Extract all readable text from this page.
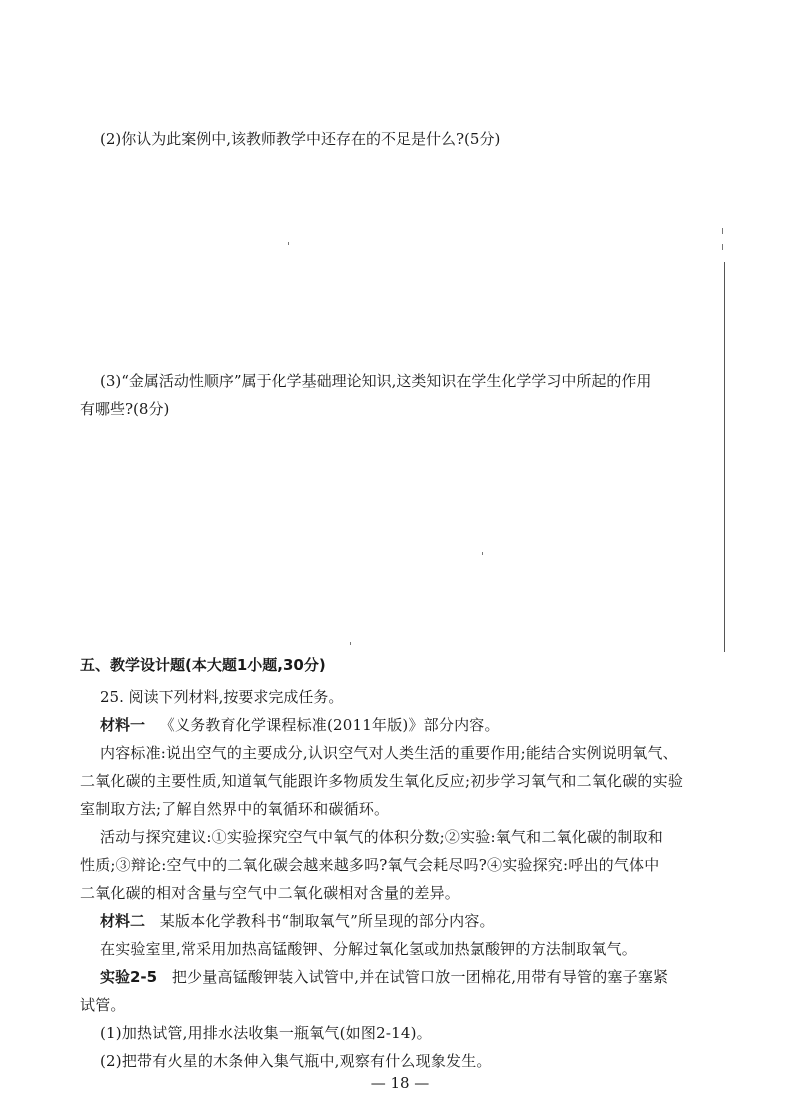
(2)你认为此案例中,该教师教学中还存在的不足是什么?(5分)
(3)“金属活动性顺序”属于化学基础理论知识,这类知识在学生化学学习中所起的作用
有哪些?(8分)
五、教学设计题(本大题1小题,30分)
25. 阅读下列材料,按要求完成任务。
材料一 《义务教育化学课程标准(2011年版)》部分内容。
内容标准:说出空气的主要成分,认识空气对人类生活的重要作用;能结合实例说明氧气、
二氧化碳的主要性质,知道氧气能跟许多物质发生氧化反应;初步学习氧气和二氧化碳的实验
室制取方法;了解自然界中的氧循环和碳循环。
活动与探究建议:①实验探究空气中氧气的体积分数;②实验:氧气和二氧化碳的制取和
性质;③辩论:空气中的二氧化碳会越来越多吗?氧气会耗尽吗?④实验探究:呼出的气体中
二氧化碳的相对含量与空气中二氧化碳相对含量的差异。
材料二 某版本化学教科书“制取氧气”所呈现的部分内容。
在实验室里,常采用加热高锰酸钾、分解过氧化氢或加热氯酸钾的方法制取氧气。
实验2-5 把少量高锰酸钾装入试管中,并在试管口放一团棉花,用带有导管的塞子塞紧
试管。
(1)加热试管,用排水法收集一瓶氧气(如图2-14)。
(2)把带有火星的木条伸入集气瓶中,观察有什么现象发生。
— 18 —
